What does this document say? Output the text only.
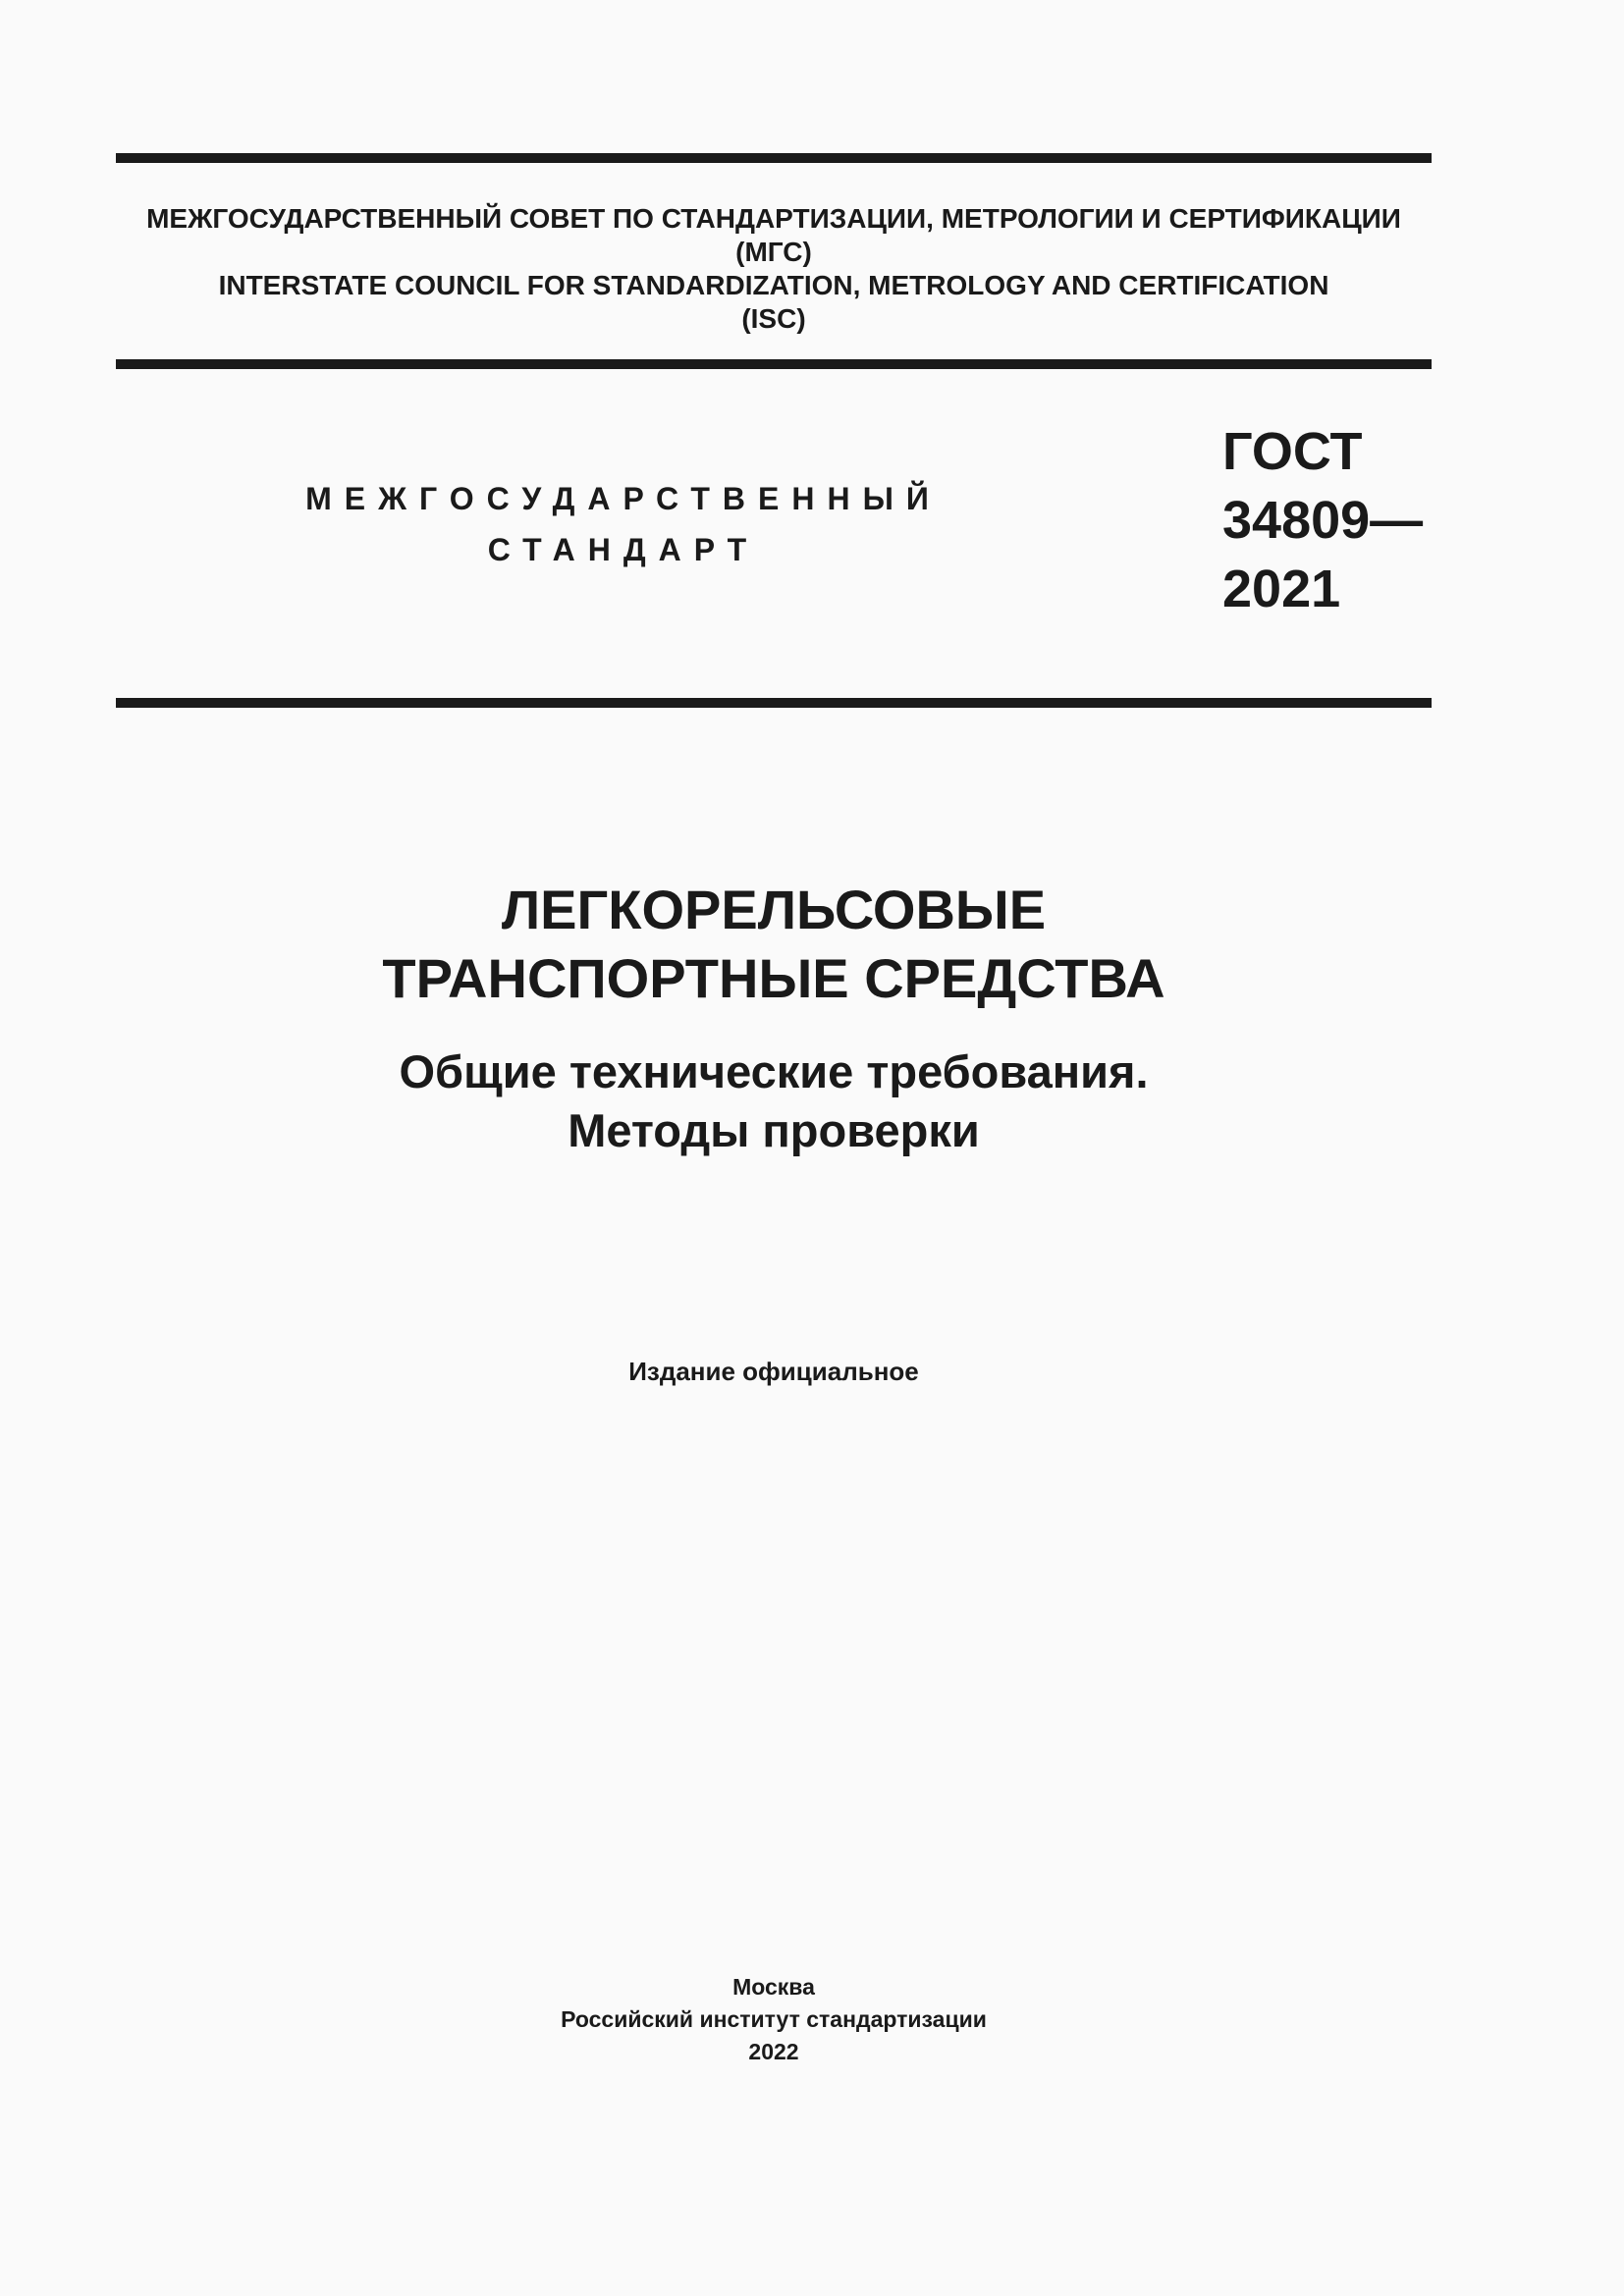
МЕЖГОСУДАРСТВЕННЫЙ СОВЕТ ПО СТАНДАРТИЗАЦИИ, МЕТРОЛОГИИ И СЕРТИФИКАЦИИ
(МГС)
INTERSTATE COUNCIL FOR STANDARDIZATION, METROLOGY AND CERTIFICATION
(ISC)
МЕЖГОСУДАРСТВЕННЫЙ
СТАНДАРТ
ГОСТ
34809—
2021
ЛЕГКОРЕЛЬСОВЫЕ
ТРАНСПОРТНЫЕ СРЕДСТВА
Общие технические требования.
Методы проверки
Издание официальное
Москва
Российский институт стандартизации
2022
